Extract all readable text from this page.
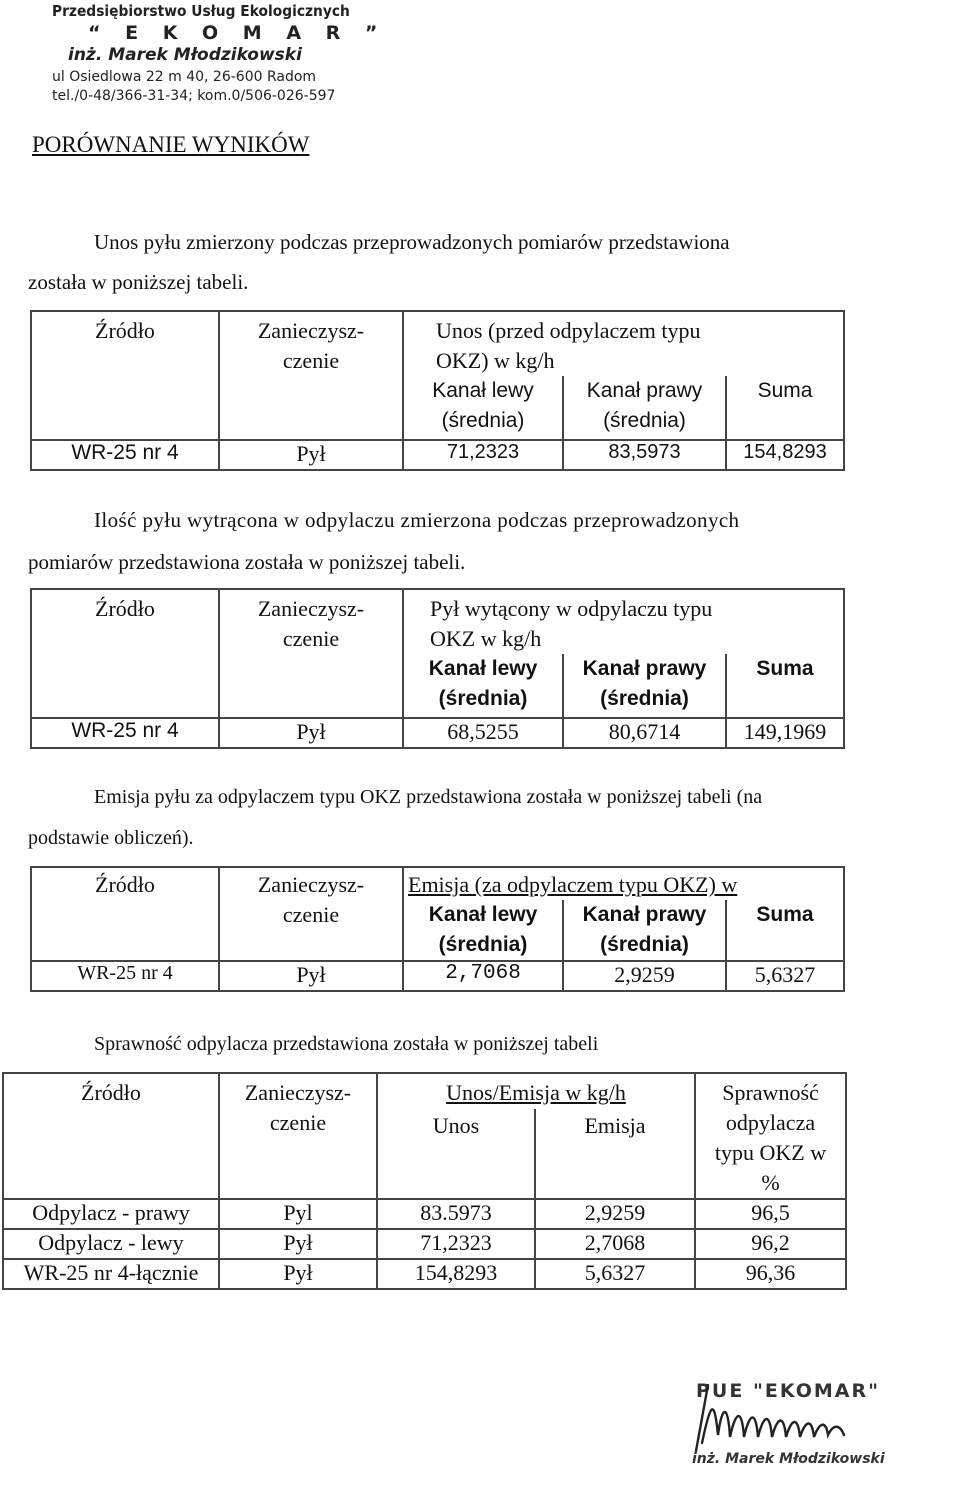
Przedsiębiorstwo Usług Ekologicznych
“ E K O M A R ”
inż. Marek Młodzikowski
ul Osiedlowa 22 m 40, 26-600 Radom
tel./0-48/366-31-34; kom.0/506-026-597
PORÓWNANIE WYNIKÓW
Unos pyłu zmierzony podczas przeprowadzonych pomiarów przedstawiona
została w poniższej tabeli.
Źródło	Zanieczysz-czenie	Unos (przed odpylaczem typu
OKZ) w kg/h		

		Kanał lewy (średnia)	Kanał prawy (średnia)	Suma

WR-25 nr 4	Pył	71,2323	83,5973	154,8293
Ilość pyłu wytrącona w odpylaczu zmierzona podczas przeprowadzonych
pomiarów przedstawiona została w poniższej tabeli.
Źródło	Zanieczysz-czenie	Pył wytącony w odpylaczu typu
OKZ w kg/h		

		Kanał lewy (średnia)	Kanał prawy (średnia)	Suma

WR-25 nr 4	Pył	68,5255	80,6714	149,1969
Emisja pyłu za odpylaczem typu OKZ przedstawiona została w poniższej tabeli (na
podstawie obliczeń).
Źródło	Zanieczysz-czenie	Emisja (za odpylaczem typu OKZ) w		

		Kanał lewy (średnia)	Kanał prawy (średnia)	Suma

WR-25 nr 4	Pył	2,7068	2,9259	5,6327
Sprawność odpylacza przedstawiona została w poniższej tabeli
Źródło	Zanieczysz-czenie	Unos/Emisja w kg/h		Sprawność odpylacza typu OKZ w %

		Unos	Emisja	

Odpylacz - prawy	Pyl	83.5973	2,9259	96,5
Odpylacz - lewy	Pył	71,2323	2,7068	96,2
WR-25 nr 4-łącznie	Pył	154,8293	5,6327	96,36
PUE "EKOMAR"
inż. Marek Młodzikowski
